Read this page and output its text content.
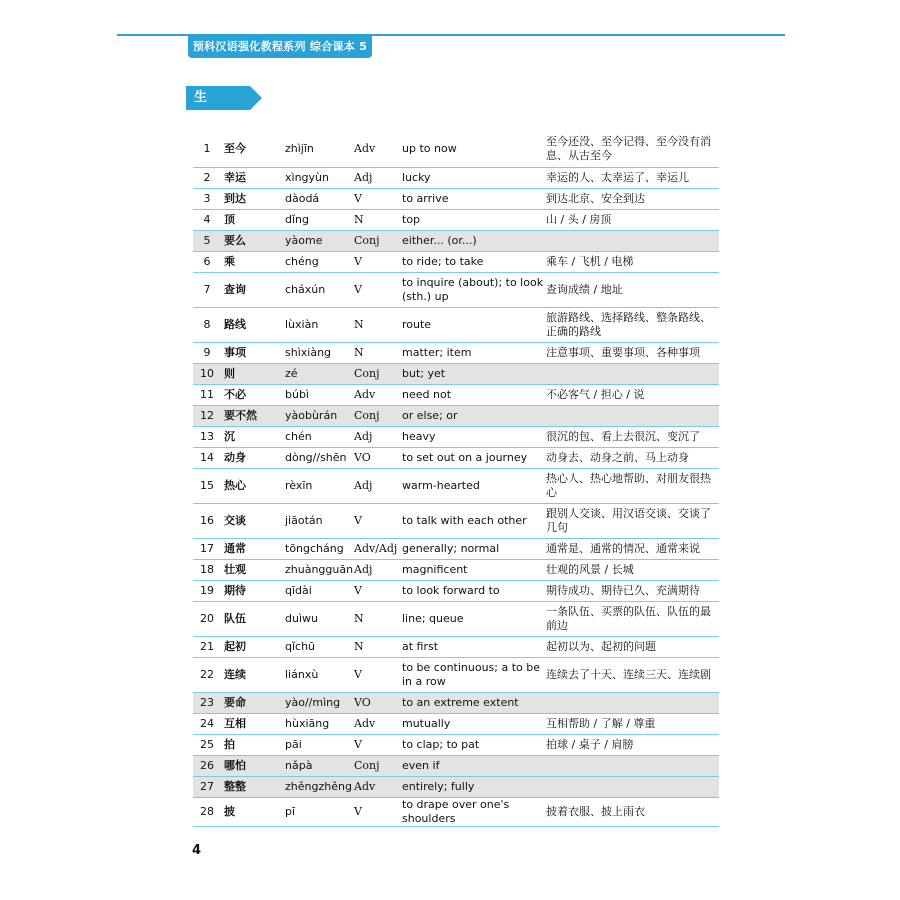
预科汉语强化教程系列 综合课本 5
生 词
1	至今	zhìjīn	Adv	up to now	至今还没、至今记得、至今没有消息、从古至今
2	幸运	xìngyùn	Adj	lucky	幸运的人、太幸运了、幸运儿
3	到达	dàodá	V	to arrive	到达北京、安全到达
4	顶	dǐng	N	top	山 / 头 / 房顶
5	要么	yàome	Conj	either... (or...)	
6	乘	chéng	V	to ride; to take	乘车 / 飞机 / 电梯
7	查询	cháxún	V	to inquire (about); to look (sth.) up	查询成绩 / 地址
8	路线	lùxiàn	N	route	旅游路线、选择路线、整条路线、正确的路线
9	事项	shìxiàng	N	matter; item	注意事项、重要事项、各种事项
10	则	zé	Conj	but; yet	
11	不必	búbì	Adv	need not	不必客气 / 担心 / 说
12	要不然	yàobùrán	Conj	or else; or	
13	沉	chén	Adj	heavy	很沉的包、看上去很沉、变沉了
14	动身	dòng//shēn	VO	to set out on a journey	动身去、动身之前、马上动身
15	热心	rèxīn	Adj	warm-hearted	热心人、热心地帮助、对朋友很热心
16	交谈	jiāotán	V	to talk with each other	跟别人交谈、用汉语交谈、交谈了几句
17	通常	tōngcháng	Adv/Adj	generally; normal	通常是、通常的情况、通常来说
18	壮观	zhuàngguān	Adj	magnificent	壮观的风景 / 长城
19	期待	qīdài	V	to look forward to	期待成功、期待已久、充满期待
20	队伍	duìwu	N	line; queue	一条队伍、买票的队伍、队伍的最前边
21	起初	qǐchū	N	at first	起初以为、起初的问题
22	连续	liánxù	V	to be continuous; a to be in a row	连续去了十天、连续三天、连续剧
23	要命	yào//mìng	VO	to an extreme extent	
24	互相	hùxiāng	Adv	mutually	互相帮助 / 了解 / 尊重
25	拍	pāi	V	to clap; to pat	拍球 / 桌子 / 肩膀
26	哪怕	nǎpà	Conj	even if	
27	整整	zhěngzhěng	Adv	entirely; fully	
28	披	pī	V	to drape over one's shoulders	披着衣服、披上雨衣
4
